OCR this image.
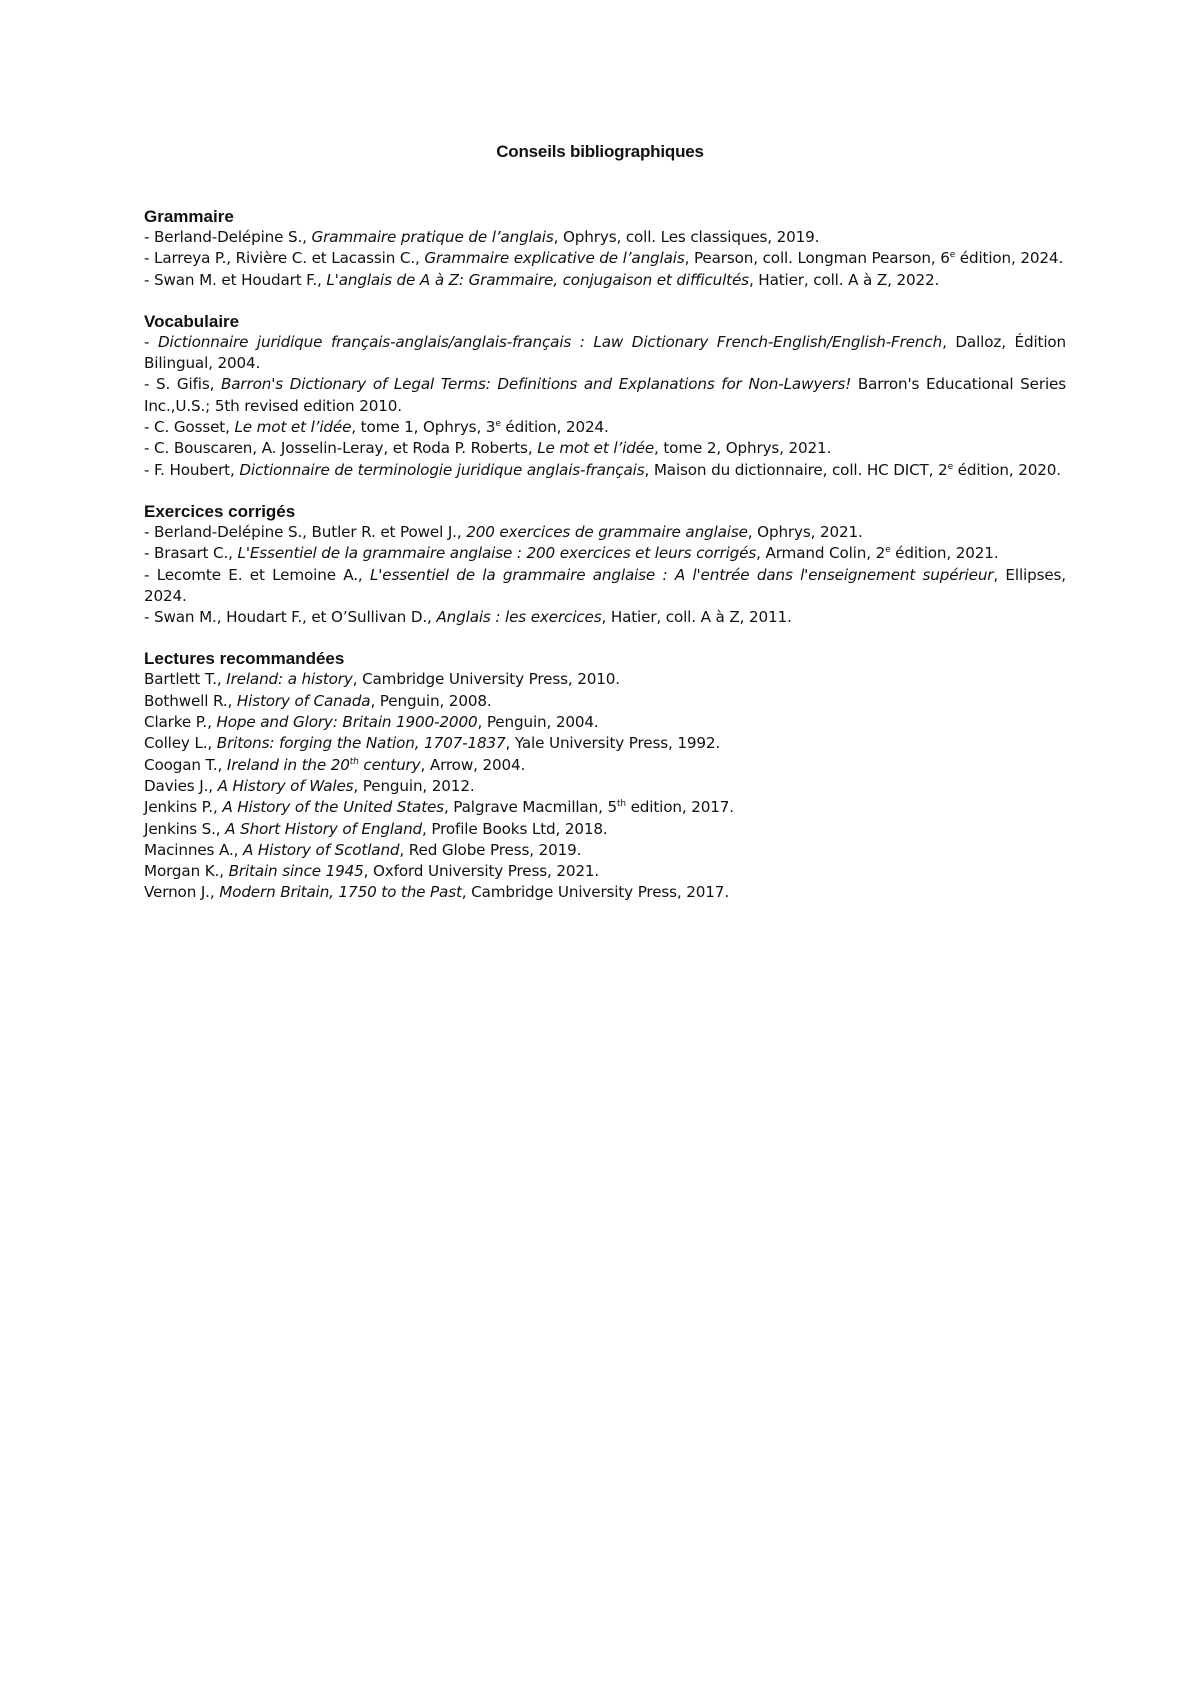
Conseils bibliographiques
Grammaire

- Berland-Delépine S., Grammaire pratique de l’anglais, Ophrys, coll. Les classiques, 2019.

- Larreya P., Rivière C. et Lacassin C., Grammaire explicative de l’anglais, Pearson, coll. Longman Pearson, 6e édition, 2024.

- Swan M. et Houdart F., L'anglais de A à Z: Grammaire, conjugaison et difficultés, Hatier, coll. A à Z, 2022.

Vocabulaire

- Dictionnaire juridique français-anglais/anglais-français : Law Dictionary French-English/English-French, Dalloz, Édition Bilingual, 2004.

- S. Gifis, Barron's Dictionary of Legal Terms: Definitions and Explanations for Non-Lawyers! Barron's Educational Series Inc.,U.S.; 5th revised edition 2010.

- C. Gosset, Le mot et l’idée, tome 1, Ophrys, 3e édition, 2024.

- C. Bouscaren, A. Josselin-Leray, et Roda P. Roberts, Le mot et l’idée, tome 2, Ophrys, 2021.

- F. Houbert, Dictionnaire de terminologie juridique anglais-français, Maison du dictionnaire, coll. HC DICT, 2e édition, 2020.

Exercices corrigés

- Berland-Delépine S., Butler R. et Powel J., 200 exercices de grammaire anglaise, Ophrys, 2021.

- Brasart C., L'Essentiel de la grammaire anglaise : 200 exercices et leurs corrigés, Armand Colin, 2e édition, 2021.

- Lecomte E. et Lemoine A., L'essentiel de la grammaire anglaise : A l'entrée dans l'enseignement supérieur, Ellipses, 2024.

- Swan M., Houdart F., et O’Sullivan D., Anglais : les exercices, Hatier, coll. A à Z, 2011.

Lectures recommandées

Bartlett T., Ireland: a history, Cambridge University Press, 2010.

Bothwell R., History of Canada, Penguin, 2008.

Clarke P., Hope and Glory: Britain 1900-2000, Penguin, 2004.

Colley L., Britons: forging the Nation, 1707-1837, Yale University Press, 1992.

Coogan T., Ireland in the 20th century, Arrow, 2004.

Davies J., A History of Wales, Penguin, 2012.

Jenkins P., A History of the United States, Palgrave Macmillan, 5th edition, 2017.

Jenkins S., A Short History of England, Profile Books Ltd, 2018.

Macinnes A., A History of Scotland, Red Globe Press, 2019.

Morgan K., Britain since 1945, Oxford University Press, 2021.

Vernon J., Modern Britain, 1750 to the Past, Cambridge University Press, 2017.
